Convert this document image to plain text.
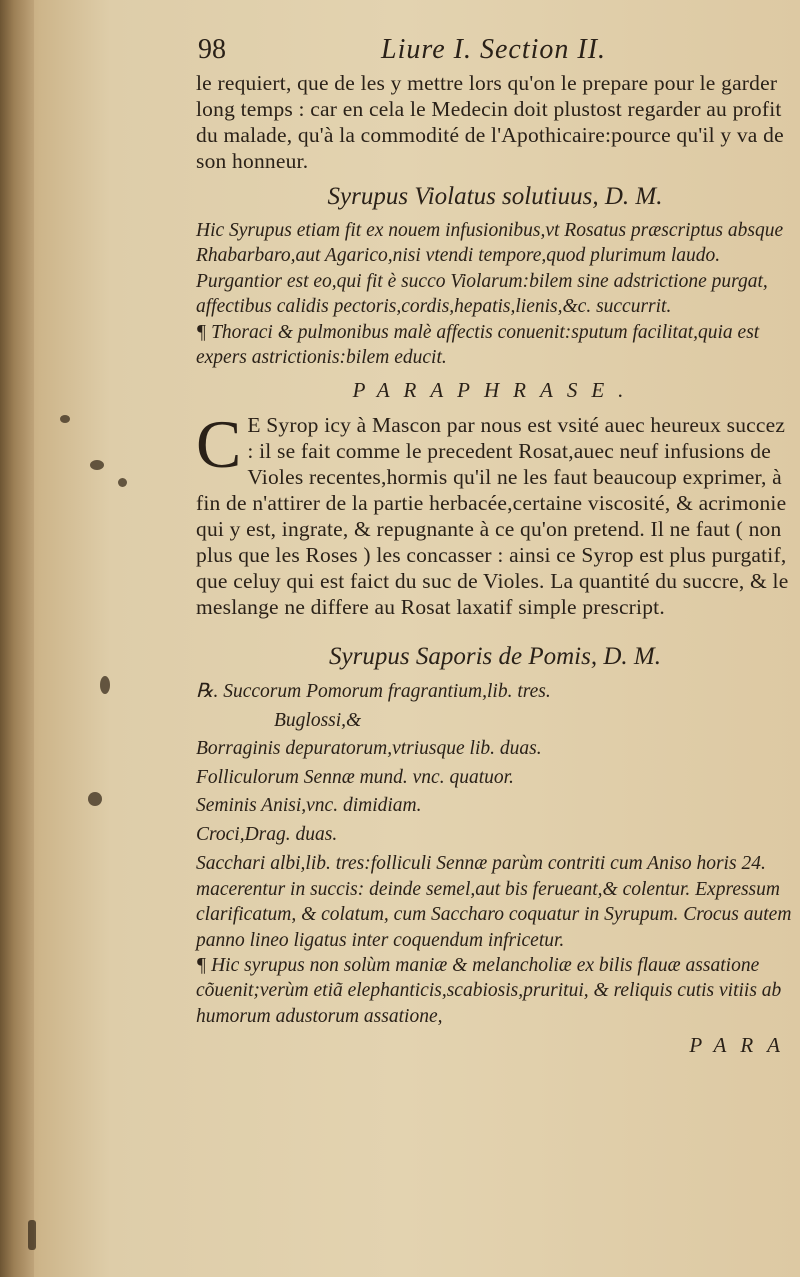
98	Liure I. Section II.

le requiert, que de les y mettre lors qu'on le prepare pour le garder long temps : car en cela le Medecin doit plustost regarder au profit du malade, qu'à la commodité de l'Apothicaire:pource qu'il y va de son honneur.

Syrupus Violatus solutiuus, D. M.

Hic Syrupus etiam fit ex nouem infusionibus,vt Rosatus præscriptus absque Rhabarbaro,aut Agarico,nisi vtendi tempore,quod plurimum laudo. Purgantior est eo,qui fit è succo Violarum:bilem sine adstrictione purgat, affectibus calidis pectoris,cordis,hepatis,lienis,&c. succurrit.

¶ Thoraci & pulmonibus malè affectis conuenit:sputum facilitat,quia est expers astrictionis:bilem educit.

PARAPHRASE.
C E Syrop icy à Mascon par nous est vsité auec heureux succez : il se fait comme le precedent Rosat,auec neuf infusions de Violes recentes,hormis qu'il ne les faut beaucoup exprimer, à fin de n'attirer de la partie herbacée,certaine viscosité, & acrimonie qui y est, ingrate, & repugnante à ce qu'on pretend. Il ne faut ( non plus que les Roses ) les concasser : ainsi ce Syrop est plus purgatif, que celuy qui est faict du suc de Violes. La quantité du succre, & le meslange ne differe au Rosat laxatif simple prescript.

Syrupus Saporis de Pomis, D. M.

℞. Succorum Pomorum fragrantium,lib. tres.

Buglossi,&

Borraginis depuratorum,vtriusque lib. duas.

Folliculorum Sennæ mund. vnc. quatuor.

Seminis Anisi,vnc. dimidiam.

Croci,Drag. duas.

Sacchari albi,lib. tres:folliculi Sennæ parùm contriti cum Aniso horis 24. macerentur in succis: deinde semel,aut bis ferueant,& colentur. Expressum clarificatum, & colatum, cum Saccharo coquatur in Syrupum. Crocus autem panno lineo ligatus inter coquendum infricetur.

¶ Hic syrupus non solùm maniæ & melancholiæ ex bilis flauæ assatione cõuenit;verùm etiã elephanticis,scabiosis,pruritui, & reliquis cutis vitiis ab humorum adustorum assatione,

PARA
